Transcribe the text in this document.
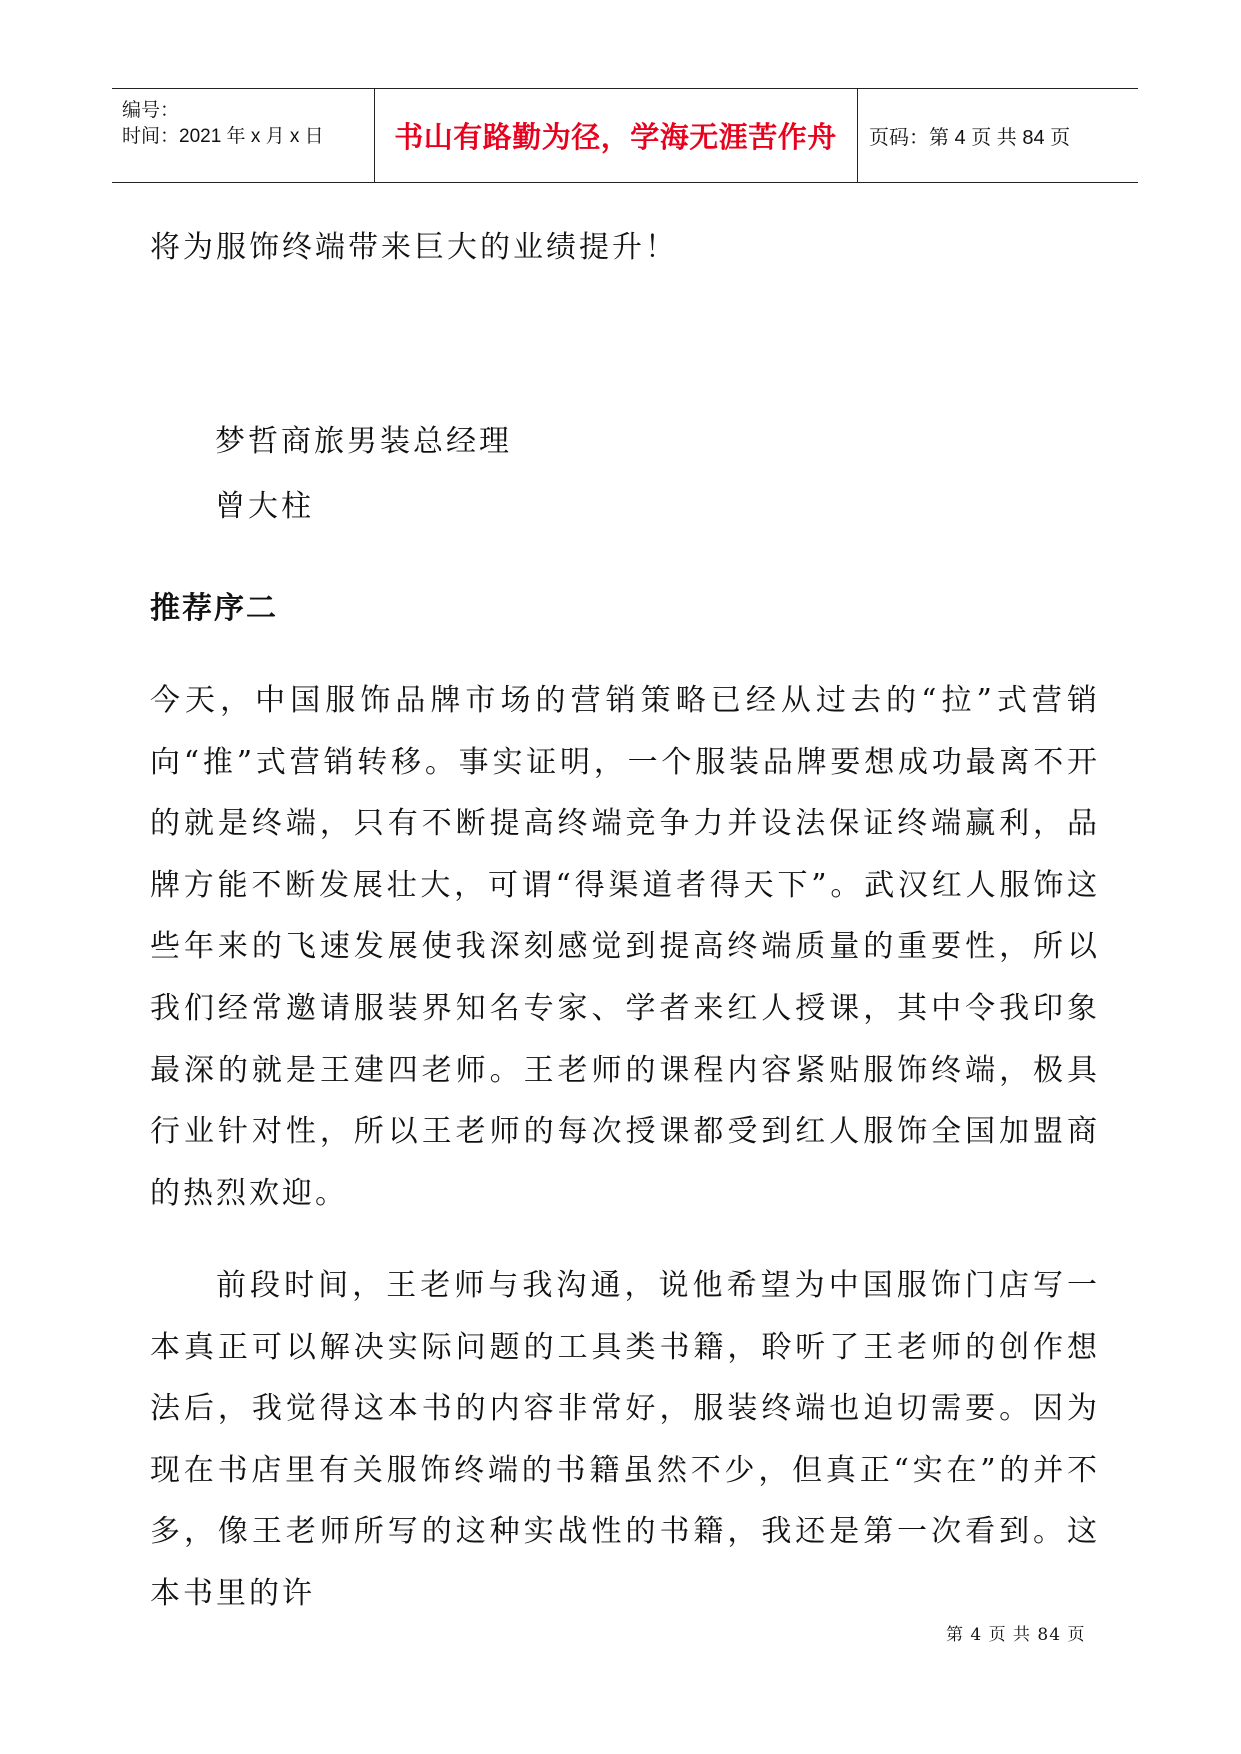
编号：
时间：2021 年 x 月 x 日 书山有路勤为径，学海无涯苦作舟 页码：第 4 页 共 84 页
将为服饰终端带来巨大的业绩提升！
梦哲商旅男装总经理
曾大柱
推荐序二
今天，中国服饰品牌市场的营销策略已经从过去的“拉”式营销向“推”式营销转移。事实证明，一个服装品牌要想成功最离不开的就是终端，只有不断提高终端竞争力并设法保证终端赢利，品牌方能不断发展壮大，可谓“得渠道者得天下”。武汉红人服饰这些年来的飞速发展使我深刻感觉到提高终端质量的重要性，所以我们经常邀请服装界知名专家、学者来红人授课，其中令我印象最深的就是王建四老师。王老师的课程内容紧贴服饰终端，极具行业针对性，所以王老师的每次授课都受到红人服饰全国加盟商的热烈欢迎。
前段时间，王老师与我沟通，说他希望为中国服饰门店写一本真正可以解决实际问题的工具类书籍，聆听了王老师的创作想法后，我觉得这本书的内容非常好，服装终端也迫切需要。因为现在书店里有关服饰终端的书籍虽然不少，但真正“实在”的并不多，像王老师所写的这种实战性的书籍，我还是第一次看到。这本书里的许
第 4 页 共 84 页
